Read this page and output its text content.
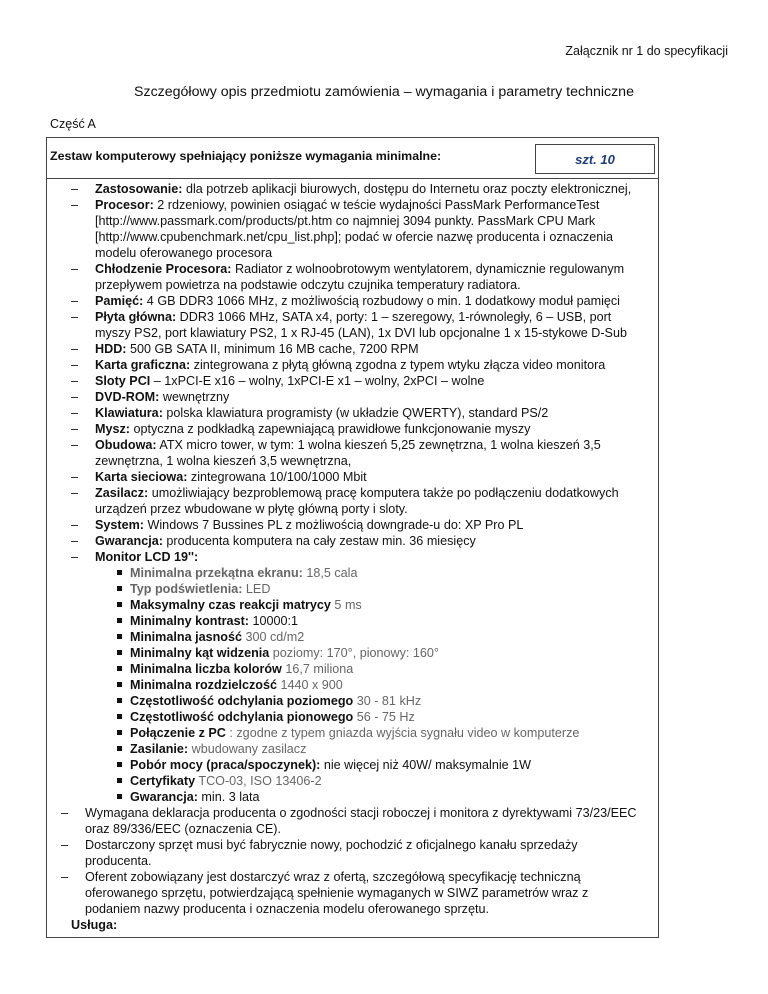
Załącznik nr 1 do specyfikacji
Szczegółowy opis przedmiotu zamówienia – wymagania i parametry techniczne
Część A
Zestaw komputerowy spełniający poniższe wymagania minimalne:	szt. 10
– Zastosowanie: dla potrzeb aplikacji biurowych, dostępu do Internetu oraz poczty elektronicznej,
– Procesor: 2 rdzeniowy, powinien osiągać w teście wydajności PassMark PerformanceTest
[http://www.passmark.com/products/pt.htm co najmniej 3094 punkty. PassMark CPU Mark
[http://www.cpubenchmark.net/cpu_list.php]; podać w ofercie nazwę producenta i oznaczenia
modelu oferowanego procesora
– Chłodzenie Procesora: Radiator z wolnoobrotowym wentylatorem, dynamicznie regulowanym
przepływem powietrza na podstawie odczytu czujnika temperatury radiatora.
– Pamięć: 4 GB DDR3 1066 MHz, z możliwością rozbudowy o min. 1 dodatkowy moduł pamięci
– Płyta główna: DDR3 1066 MHz, SATA x4, porty: 1 – szeregowy, 1-równoległy, 6 – USB, port
myszy PS2, port klawiatury PS2, 1 x RJ-45 (LAN), 1x DVI lub opcjonalne 1 x 15-stykowe D-Sub
– HDD: 500 GB SATA II, minimum 16 MB cache, 7200 RPM
– Karta graficzna: zintegrowana z płytą główną zgodna z typem wtyku złącza video monitora
– Sloty PCI – 1xPCI-E x16 – wolny, 1xPCI-E x1 – wolny, 2xPCI – wolne
– DVD-ROM: wewnętrzny
– Klawiatura: polska klawiatura programisty (w układzie QWERTY), standard PS/2
– Mysz: optyczna z podkładką zapewniającą prawidłowe funkcjonowanie myszy
– Obudowa: ATX micro tower, w tym: 1 wolna kieszeń 5,25 zewnętrzna, 1 wolna kieszeń 3,5
zewnętrzna, 1 wolna kieszeń 3,5 wewnętrzna,
– Karta sieciowa: zintegrowana 10/100/1000 Mbit
– Zasilacz: umożliwiający bezproblemową pracę komputera także po podłączeniu dodatkowych
urządzeń przez wbudowane w płytę główną porty i sloty.
– System: Windows 7 Bussines PL z możliwością downgrade-u do: XP Pro PL
– Gwarancja: producenta komputera na cały zestaw min. 36 miesięcy
– Monitor LCD 19'':
Minimalna przekątna ekranu: 18,5 cala
Typ podświetlenia: LED
Maksymalny czas reakcji matrycy 5 ms
Minimalny kontrast: 10000:1
Minimalna jasność 300 cd/m2
Minimalny kąt widzenia poziomy: 170°, pionowy: 160°
Minimalna liczba kolorów 16,7 miliona
Minimalna rozdzielczość 1440 x 900
Częstotliwość odchylania poziomego 30 - 81 kHz
Częstotliwość odchylania pionowego 56 - 75 Hz
Połączenie z PC : zgodne z typem gniazda wyjścia sygnału video w komputerze
Zasilanie: wbudowany zasilacz
Pobór mocy (praca/spoczynek): nie więcej niż 40W/ maksymalnie 1W
Certyfikaty TCO-03, ISO 13406-2
Gwarancja: min. 3 lata
– Wymagana deklaracja producenta o zgodności stacji roboczej i monitora z dyrektywami 73/23/EEC
oraz 89/336/EEC (oznaczenia CE).
– Dostarczony sprzęt musi być fabrycznie nowy, pochodzić z oficjalnego kanału sprzedaży
producenta.
– Oferent zobowiązany jest dostarczyć wraz z ofertą, szczegółową specyfikację techniczną
oferowanego sprzętu, potwierdzającą spełnienie wymaganych w SIWZ parametrów wraz z
podaniem nazwy producenta i oznaczenia modelu oferowanego sprzętu.
Usługa:
